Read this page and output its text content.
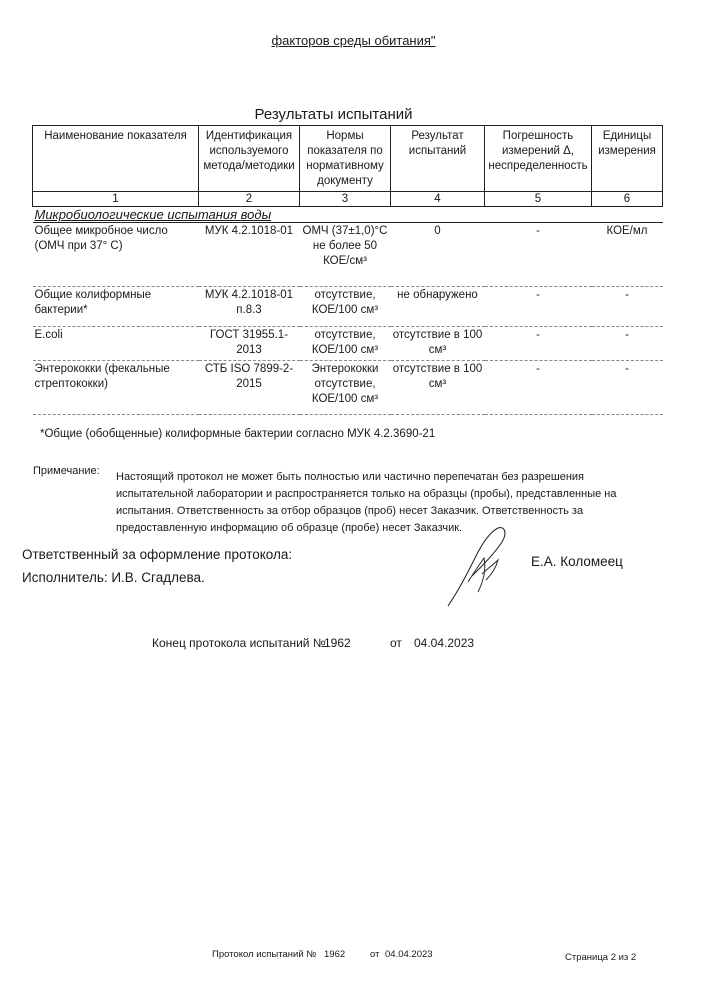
факторов среды обитания"
Результаты испытаний
Наименование показателя	Идентификация используемого метода/методики	Нормы показателя по нормативному документу	Результат испытаний	Погрешность измерений Δ, неспределенность	Единицы измерения
1	2	3	4	5	6
Микробиологические испытания воды					
Общее микробное число (ОМЧ при 37° С)	МУК 4.2.1018-01	ОМЧ (37±1,0)°С не более 50 КОЕ/см³	0	-	КОЕ/мл
Общие колиформные бактерии*	МУК 4.2.1018-01 п.8.3	отсутствие, КОЕ/100 см³	не обнаружено	-	-
E.coli	ГОСТ 31955.1-2013	отсутствие, КОЕ/100 см³	отсутствие в 100 см³	-	-
Энтерококки (фекальные стрептококки)	СТБ ISO 7899-2-2015	Энтерококки отсутствие, КОЕ/100 см³	отсутствие в 100 см³	-	-
*Общие (обобщенные) колиформные бактерии согласно МУК 4.2.3690-21
Примечание: Настоящий протокол не может быть полностью или частично перепечатан без разрешения испытательной лаборатории и распространяется только на образцы (пробы), представленные на испытания. Ответственность за отбор образцов (проб) несет Заказчик. Ответственность за предоставленную информацию об образце (пробе) несет Заказчик.
Ответственный за оформление протокола:
Исполнитель: И.В. Сгадлева.
Е.А. Коломеец
Конец протокола испытаний №
1962	от 04.04.2023
Протокол испытаний № 1962	от 04.04.2023	Страница 2 из 2
